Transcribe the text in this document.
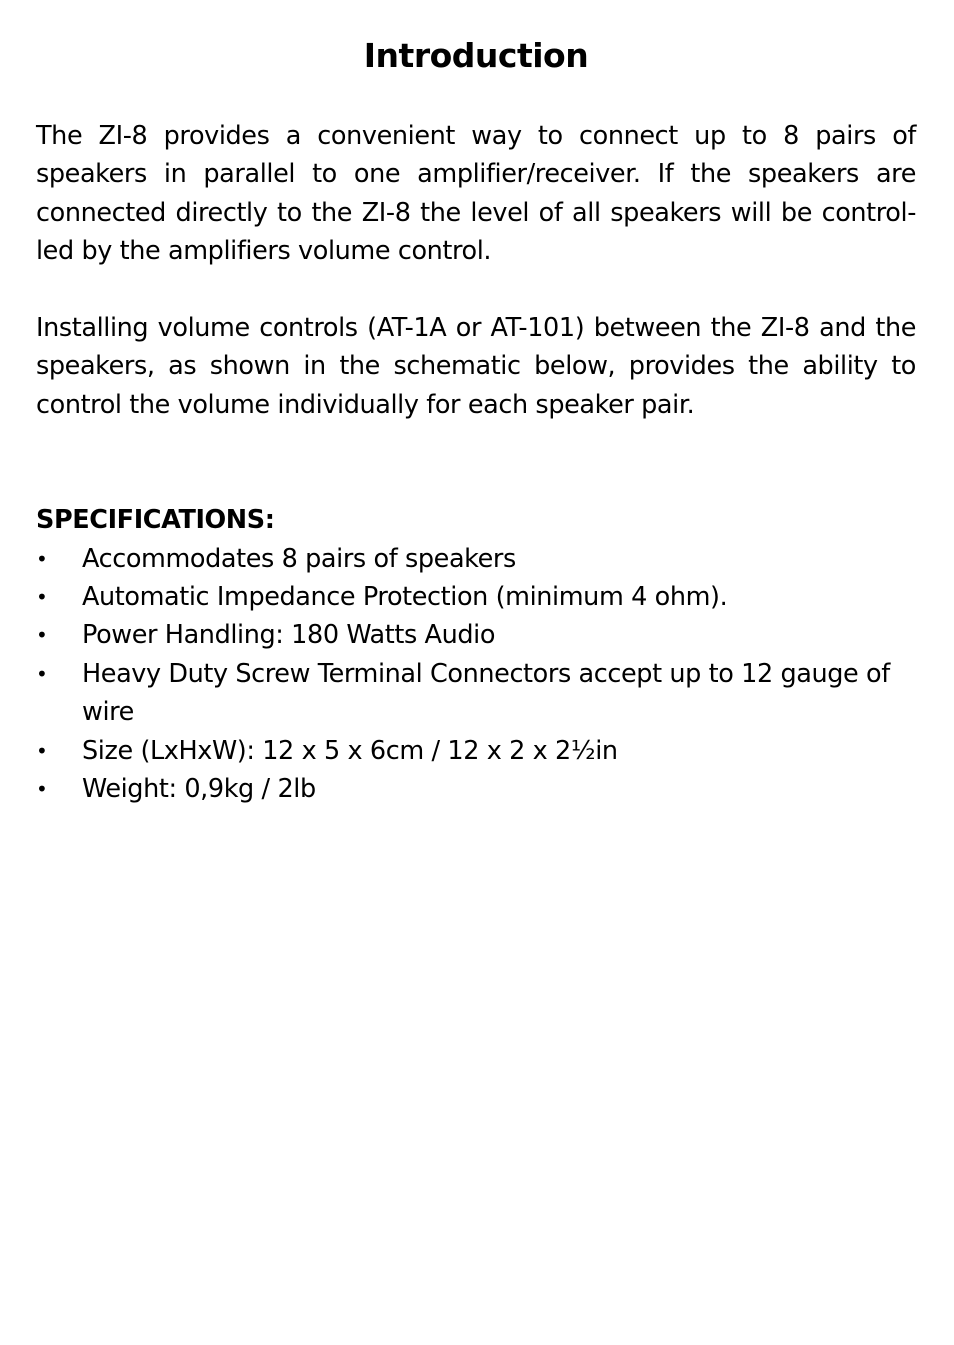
Introduction

The ZI-8 provides a convenient way to connect up to 8 pairs of speakers in parallel to one amplifier/receiver. If the speakers are connected directly to the ZI-8 the level of all speakers will be control-led by the amplifiers volume control.

Installing volume controls (AT-1A or AT-101) between the ZI-8 and the speakers, as shown in the schematic below, provides the ability to control the volume individually for each speaker pair.

SPECIFICATIONS:
• Accommodates 8 pairs of speakers
• Automatic Impedance Protection (minimum 4 ohm).
• Power Handling: 180 Watts Audio
• Heavy Duty Screw Terminal Connectors accept up to 12 gauge of wire
• Size (LxHxW): 12 x 5 x 6cm / 12 x 2 x 2½in
• Weight: 0,9kg / 2lb
